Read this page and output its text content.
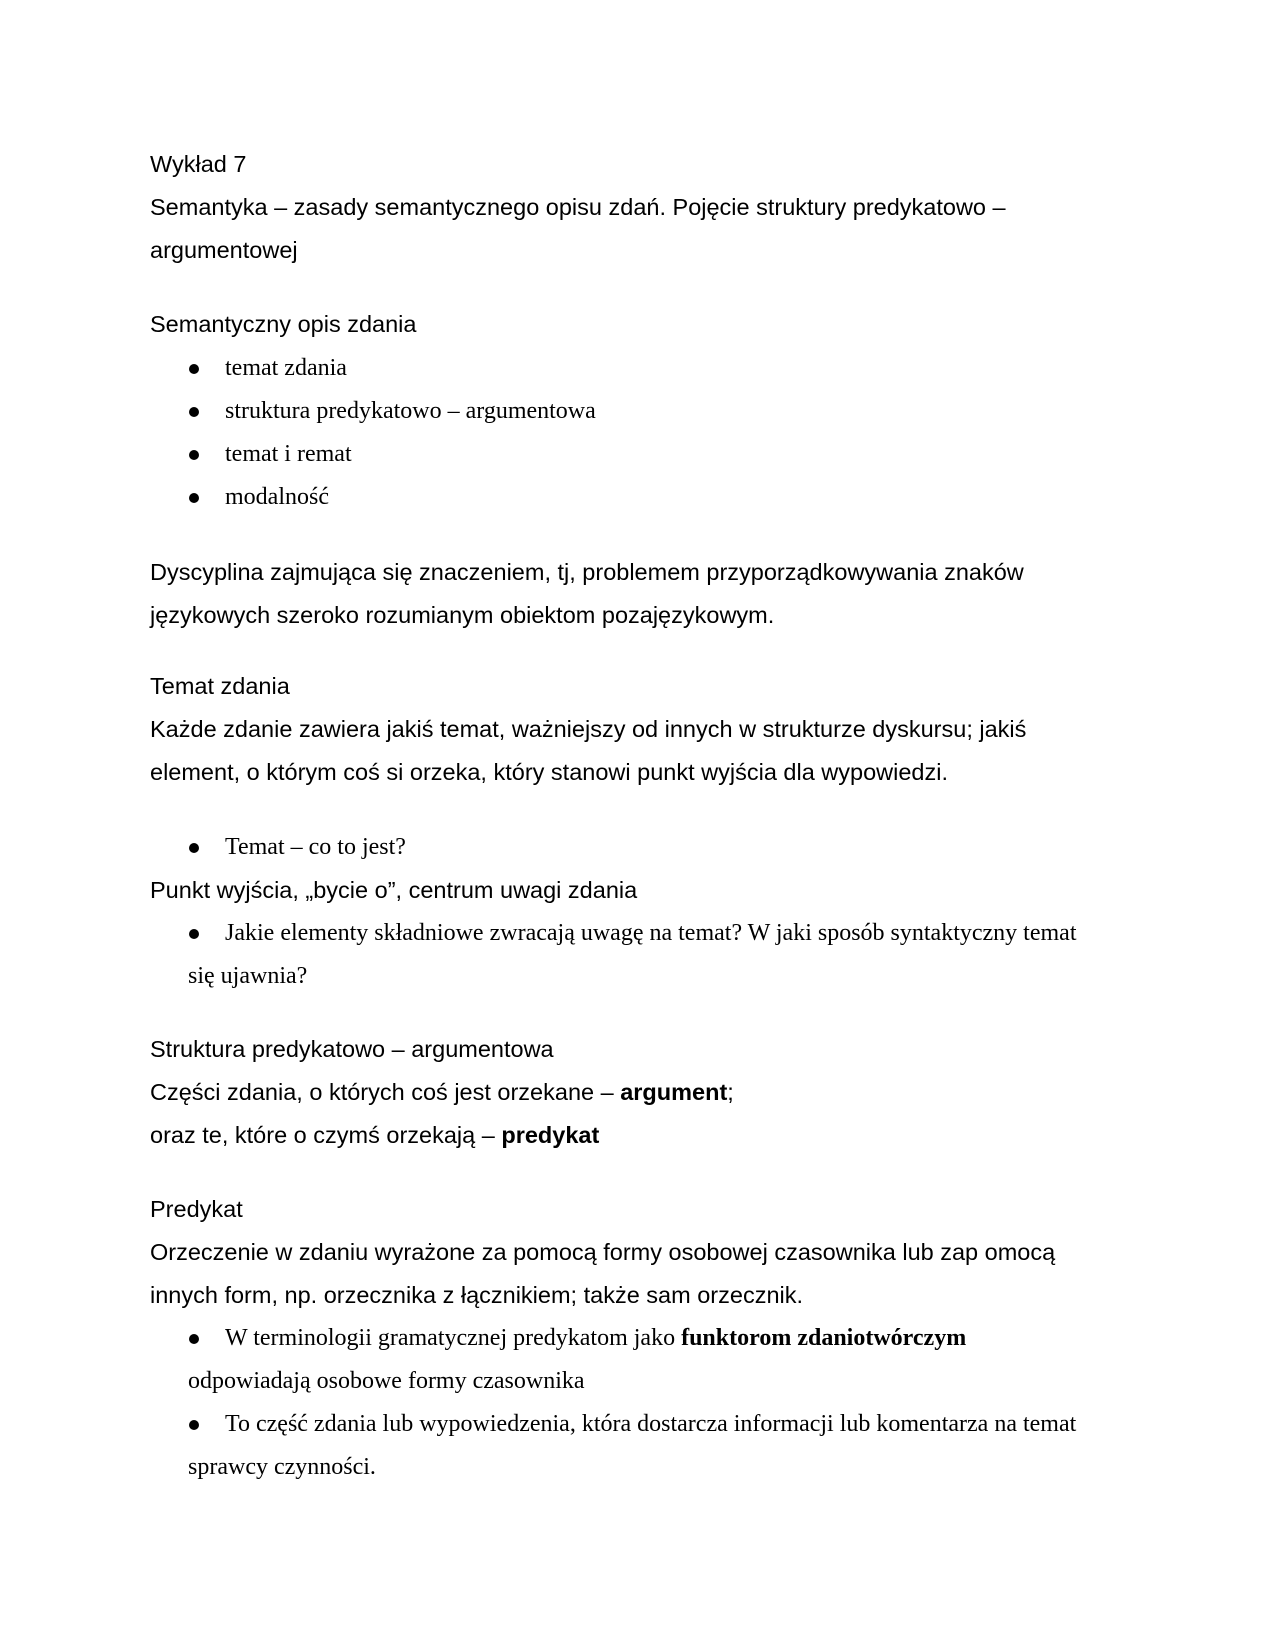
Wykład 7
Semantyka – zasady semantycznego opisu zdań. Pojęcie struktury predykatowo –
argumentowej
Semantyczny opis zdania
temat zdania
struktura predykatowo – argumentowa
temat i remat
modalność
Dyscyplina zajmująca się znaczeniem, tj, problemem przyporządkowywania znaków
językowych szeroko rozumianym obiektom pozajęzykowym.
Temat zdania
Każde zdanie zawiera jakiś temat, ważniejszy od innych w strukturze dyskursu; jakiś
element, o którym coś si orzeka, który stanowi punkt wyjścia dla wypowiedzi.
Temat – co to jest?
Punkt wyjścia, „bycie o”, centrum uwagi zdania
Jakie elementy składniowe zwracają uwagę na temat? W jaki sposób syntaktyczny temat
się ujawnia?
Struktura predykatowo – argumentowa
Części zdania, o których coś jest orzekane – argument;
oraz te, które o czymś orzekają – predykat
Predykat
Orzeczenie w zdaniu wyrażone za pomocą formy osobowej czasownika lub zap omocą
innych form, np. orzecznika z łącznikiem; także sam orzecznik.
W terminologii gramatycznej predykatom jako funktorom zdaniotwórczym
odpowiadają osobowe formy czasownika
To część zdania lub wypowiedzenia, która dostarcza informacji lub komentarza na temat
sprawcy czynności.
